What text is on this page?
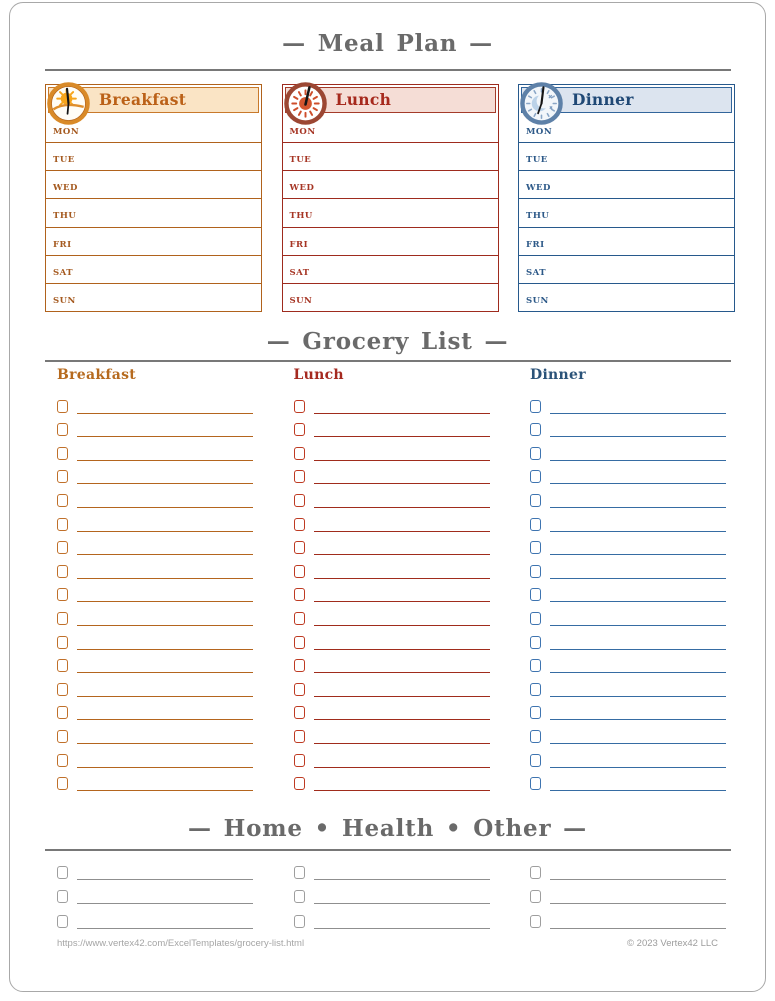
— Meal Plan —
Breakfast
MON
TUE
WED
THU
FRI
SAT
SUN
Lunch
MON
TUE
WED
THU
FRI
SAT
SUN
Dinner
MON
TUE
WED
THU
FRI
SAT
SUN
— Grocery List —
Breakfast	Lunch	Dinner
— Home • Health • Other —
https://www.vertex42.com/ExcelTemplates/grocery-list.html	© 2023 Vertex42 LLC
